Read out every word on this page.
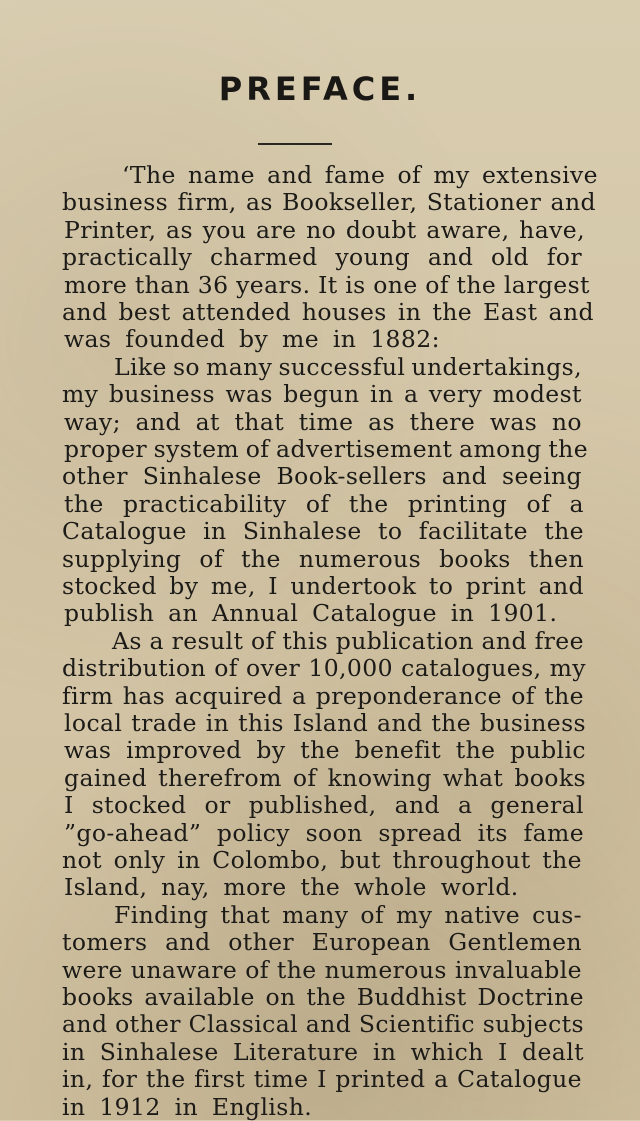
PREFACE.
‘The name and fame of my extensive
business firm, as Bookseller, Stationer and
Printer, as you are no doubt aware, have,
practically charmed young and old for
more than 36 years. It is one of the largest
and best attended houses in the East and
was founded by me in 1882:
Like so many successful undertakings,
my business was begun in a very modest
way; and at that time as there was no
proper system of advertisement among the
other Sinhalese Book-sellers and seeing
the practicability of the printing of a
Catalogue in Sinhalese to facilitate the
supplying of the numerous books then
stocked by me, I undertook to print and
publish an Annual Catalogue in 1901.
As a result of this publication and free
distribution of over 10,000 catalogues, my
firm has acquired a preponderance of the
local trade in this Island and the business
was improved by the benefit the public
gained therefrom of knowing what books
I stocked or published, and a general
”go-ahead” policy soon spread its fame
not only in Colombo, but throughout the
Island, nay, more the whole world.
Finding that many of my native cus-
tomers and other European Gentlemen
were unaware of the numerous invaluable
books available on the Buddhist Doctrine
and other Classical and Scientific subjects
in Sinhalese Literature in which I dealt
in, for the first time I printed a Catalogue
in 1912 in English.
